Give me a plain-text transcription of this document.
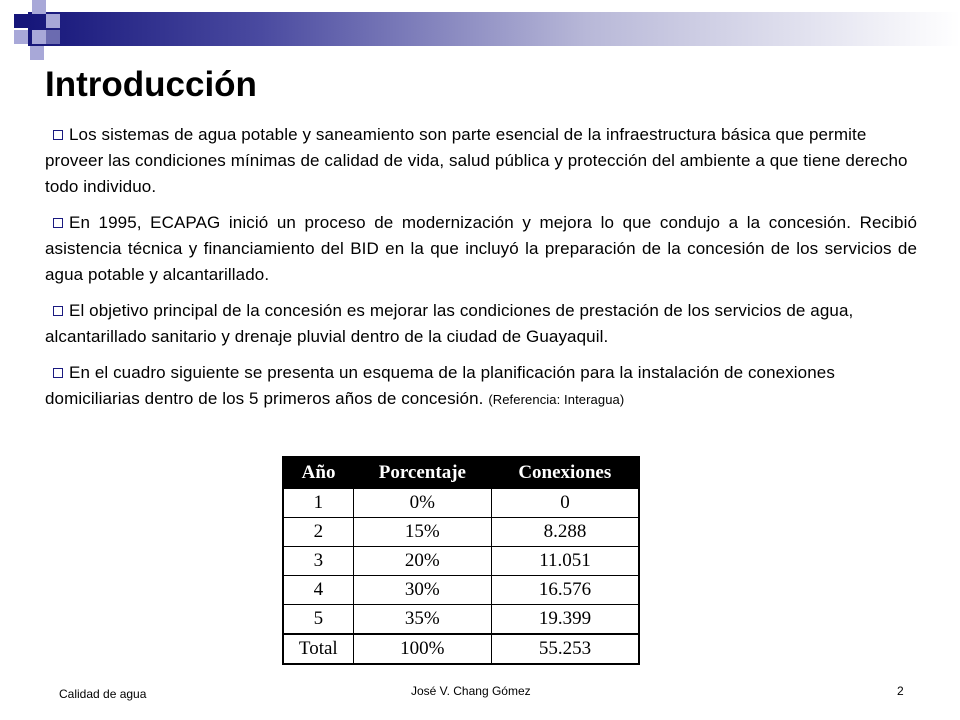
Introducción

Los sistemas de agua potable y saneamiento son parte esencial de la infraestructura básica que permite proveer las condiciones mínimas de calidad de vida, salud pública y protección del ambiente a que tiene derecho todo individuo.

En 1995, ECAPAG inició un proceso de modernización y mejora lo que condujo a la concesión. Recibió asistencia técnica y financiamiento del BID en la que incluyó la preparación de la concesión de los servicios de agua potable y alcantarillado.

El objetivo principal de la concesión es mejorar las condiciones de prestación de los servicios de agua, alcantarillado sanitario y drenaje pluvial dentro de la ciudad de Guayaquil.

En el cuadro siguiente se presenta un esquema de la planificación para la instalación de conexiones domiciliarias dentro de los 5 primeros años de concesión. (Referencia: Interagua)

Año	Porcentaje	Conexiones
1	0%	0
2	15%	8.288
3	20%	11.051
4	30%	16.576
5	35%	19.399
Total	100%	55.253
Calidad de agua	José V. Chang Gómez	2
